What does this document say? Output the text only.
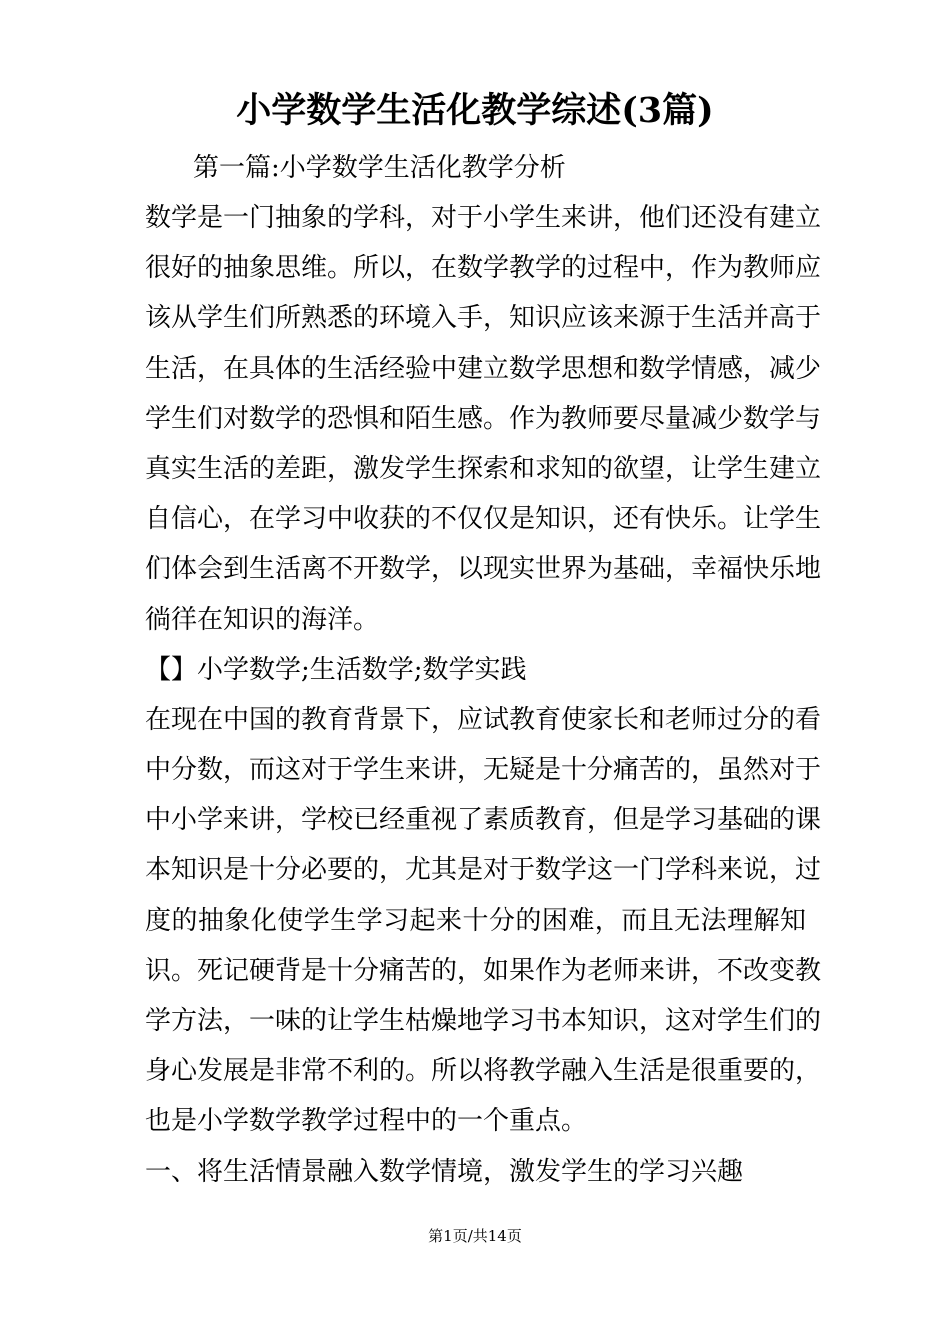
小学数学生活化教学综述(3篇)
第一篇:小学数学生活化教学分析
数学是一门抽象的学科，对于小学生来讲，他们还没有建立
很好的抽象思维。所以，在数学教学的过程中，作为教师应
该从学生们所熟悉的环境入手，知识应该来源于生活并高于
生活，在具体的生活经验中建立数学思想和数学情感，减少
学生们对数学的恐惧和陌生感。作为教师要尽量减少数学与
真实生活的差距，激发学生探索和求知的欲望，让学生建立
自信心，在学习中收获的不仅仅是知识，还有快乐。让学生
们体会到生活离不开数学，以现实世界为基础，幸福快乐地
徜徉在知识的海洋。
【】小学数学;生活数学;数学实践
在现在中国的教育背景下，应试教育使家长和老师过分的看
中分数，而这对于学生来讲，无疑是十分痛苦的，虽然对于
中小学来讲，学校已经重视了素质教育，但是学习基础的课
本知识是十分必要的，尤其是对于数学这一门学科来说，过
度的抽象化使学生学习起来十分的困难，而且无法理解知
识。死记硬背是十分痛苦的，如果作为老师来讲，不改变教
学方法，一味的让学生枯燥地学习书本知识，这对学生们的
身心发展是非常不利的。所以将教学融入生活是很重要的，
也是小学数学教学过程中的一个重点。
一、将生活情景融入数学情境，激发学生的学习兴趣
第1页/共14页
